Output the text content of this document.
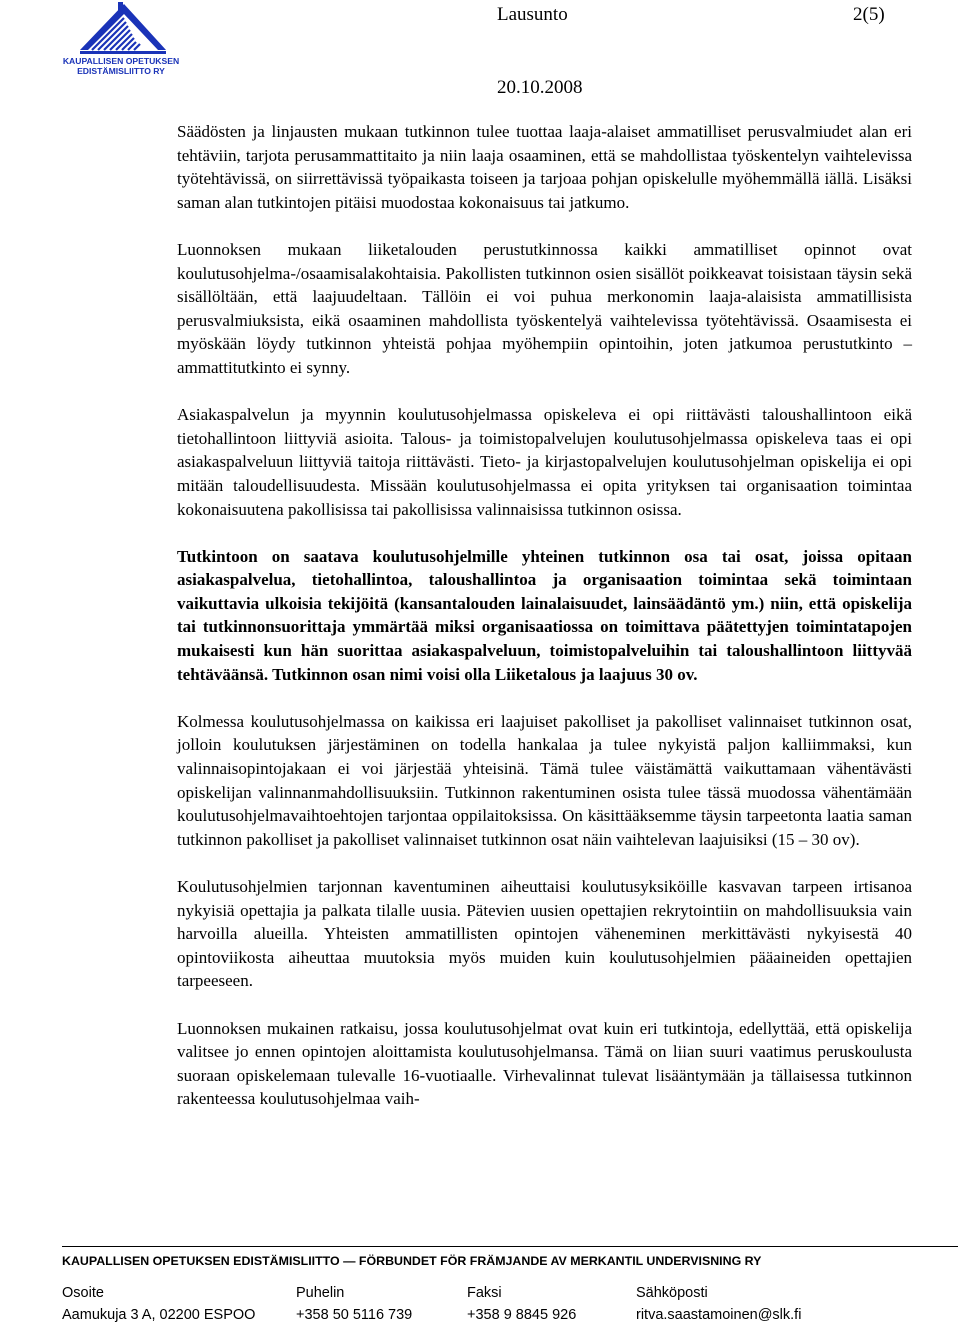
KAUPALLISEN OPETUKSEN
EDISTÄMISLIITTO RY
Lausunto	2(5)
20.10.2008

Säädösten ja linjausten mukaan tutkinnon tulee tuottaa laaja-alaiset ammatilliset perusvalmiudet alan eri tehtäviin, tarjota perusammattitaito ja niin laaja osaaminen, että se mahdollistaa työskentelyn vaihtelevissa työtehtävissä, on siirrettävissä työpaikasta toiseen ja tarjoaa pohjan opiskelulle myöhemmällä iällä. Lisäksi saman alan tutkintojen pitäisi muodostaa kokonaisuus tai jatkumo.

Luonnoksen mukaan liiketalouden perustutkinnossa kaikki ammatilliset opinnot ovat koulutusohjelma-/osaamisalakohtaisia. Pakollisten tutkinnon osien sisällöt poikkeavat toisistaan täysin sekä sisällöltään, että laajuudeltaan. Tällöin ei voi puhua merkonomin laaja-alaisista ammatillisista perusvalmiuksista, eikä osaaminen mahdollista työskentelyä vaihtelevissa työtehtävissä. Osaamisesta ei myöskään löydy tutkinnon yhteistä pohjaa myöhempiin opintoihin, joten jatkumoa perustutkinto – ammattitutkinto ei synny.

Asiakaspalvelun ja myynnin koulutusohjelmassa opiskeleva ei opi riittävästi taloushallintoon eikä tietohallintoon liittyviä asioita. Talous- ja toimistopalvelujen koulutusohjelmassa opiskeleva taas ei opi asiakaspalveluun liittyviä taitoja riittävästi. Tieto- ja kirjastopalvelujen koulutusohjelman opiskelija ei opi mitään taloudellisuudesta. Missään koulutusohjelmassa ei opita yrityksen tai organisaation toimintaa kokonaisuutena pakollisissa tai pakollisissa valinnaisissa tutkinnon osissa.

Tutkintoon on saatava koulutusohjelmille yhteinen tutkinnon osa tai osat, joissa opitaan asiakaspalvelua, tietohallintoa, taloushallintoa ja organisaation toimintaa sekä toimintaan vaikuttavia ulkoisia tekijöitä (kansantalouden lainalaisuudet, lainsäädäntö ym.) niin, että opiskelija tai tutkinnonsuorittaja ymmärtää miksi organisaatiossa on toimittava päätettyjen toimintatapojen mukaisesti kun hän suorittaa asiakaspalveluun, toimistopalveluihin tai taloushallintoon liittyvää tehtäväänsä. Tutkinnon osan nimi voisi olla Liiketalous ja laajuus 30 ov.

Kolmessa koulutusohjelmassa on kaikissa eri laajuiset pakolliset ja pakolliset valinnaiset tutkinnon osat, jolloin koulutuksen järjestäminen on todella hankalaa ja tulee nykyistä paljon kalliimmaksi, kun valinnaisopintojakaan ei voi järjestää yhteisinä. Tämä tulee väistämättä vaikuttamaan vähentävästi opiskelijan valinnanmahdollisuuksiin. Tutkinnon rakentuminen osista tulee tässä muodossa vähentämään koulutusohjelmavaihtoehtojen tarjontaa oppilaitoksissa. On käsittääksemme täysin tarpeetonta laatia saman tutkinnon pakolliset ja pakolliset valinnaiset tutkinnon osat näin vaihtelevan laajuisiksi (15 – 30 ov).

Koulutusohjelmien tarjonnan kaventuminen aiheuttaisi koulutusyksiköille kasvavan tarpeen irtisanoa nykyisiä opettajia ja palkata tilalle uusia. Pätevien uusien opettajien rekrytointiin on mahdollisuuksia vain harvoilla alueilla. Yhteisten ammatillisten opintojen väheneminen merkittävästi nykyisestä 40 opintoviikosta aiheuttaa muutoksia myös muiden kuin koulutusohjelmien pääaineiden opettajien tarpeeseen.

Luonnoksen mukainen ratkaisu, jossa koulutusohjelmat ovat kuin eri tutkintoja, edellyttää, että opiskelija valitsee jo ennen opintojen aloittamista koulutusohjelmansa. Tämä on liian suuri vaatimus peruskoulusta suoraan opiskelemaan tulevalle 16-vuotiaalle. Virhevalinnat tulevat lisääntymään ja tällaisessa tutkinnon rakenteessa koulutusohjelmaa vaih-

KAUPALLISEN OPETUKSEN EDISTÄMISLIITTO — FÖRBUNDET FÖR FRÄMJANDE AV MERKANTIL UNDERVISNING RY
Osoite
Aamukuja 3 A, 02200 ESPOO
Puhelin
+358 50 5116 739
Faksi
+358 9 8845 926
Sähköposti
ritva.saastamoinen@slk.fi
